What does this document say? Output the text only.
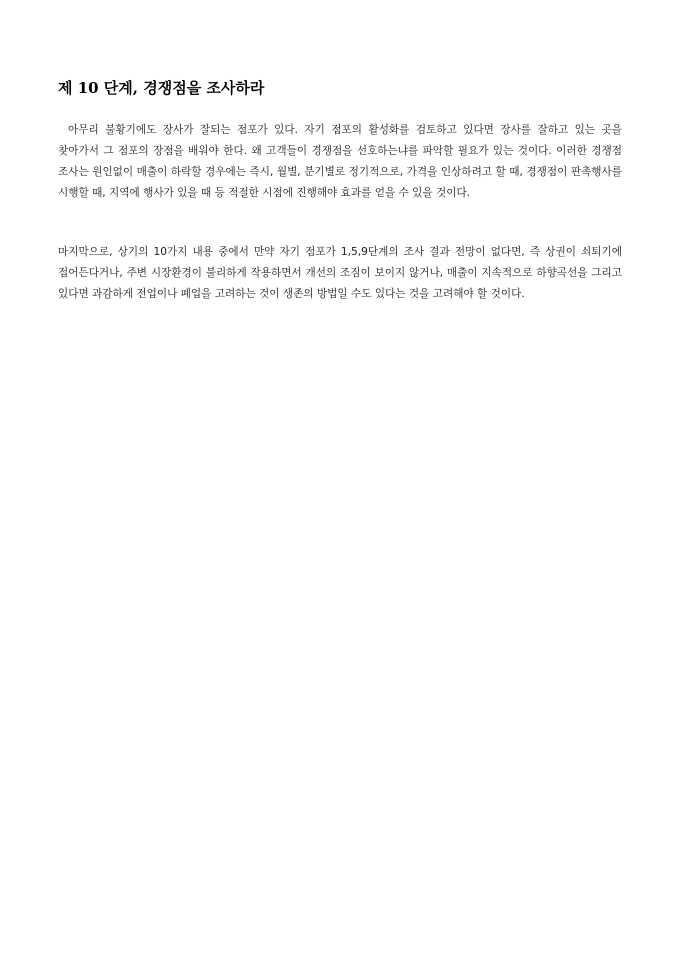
제 10 단계, 경쟁점을 조사하라

아무리 불황기에도 장사가 잘되는 점포가 있다. 자기 점포의 활성화를 검토하고 있다면 장사를 잘하고 있는 곳을 찾아가서 그 점포의 장점을 배워야 한다. 왜 고객들이 경쟁점을 선호하는냐를 파악할 필요가 있는 것이다. 이러한 경쟁점 조사는 원인없이 매출이 하락할 경우에는 즉시, 월별, 분기별로 정기적으로, 가격을 인상하려고 할 때, 경쟁점이 판촉행사를 시행할 때, 지역에 행사가 있을 때 등 적절한 시점에 진행해야 효과를 얻을 수 있을 것이다.

마지막으로, 상기의 10가지 내용 중에서 만약 자기 점포가 1,5,9단계의 조사 결과 전망이 없다면, 즉 상권이 쇠퇴기에 접어든다거나, 주변 시장환경이 불리하게 작용하면서 개선의 조짐이 보이지 않거나, 매출이 지속적으로 하향곡선을 그리고 있다면 과감하게 전업이나 폐업을 고려하는 것이 생존의 방법일 수도 있다는 것을 고려해야 할 것이다.
